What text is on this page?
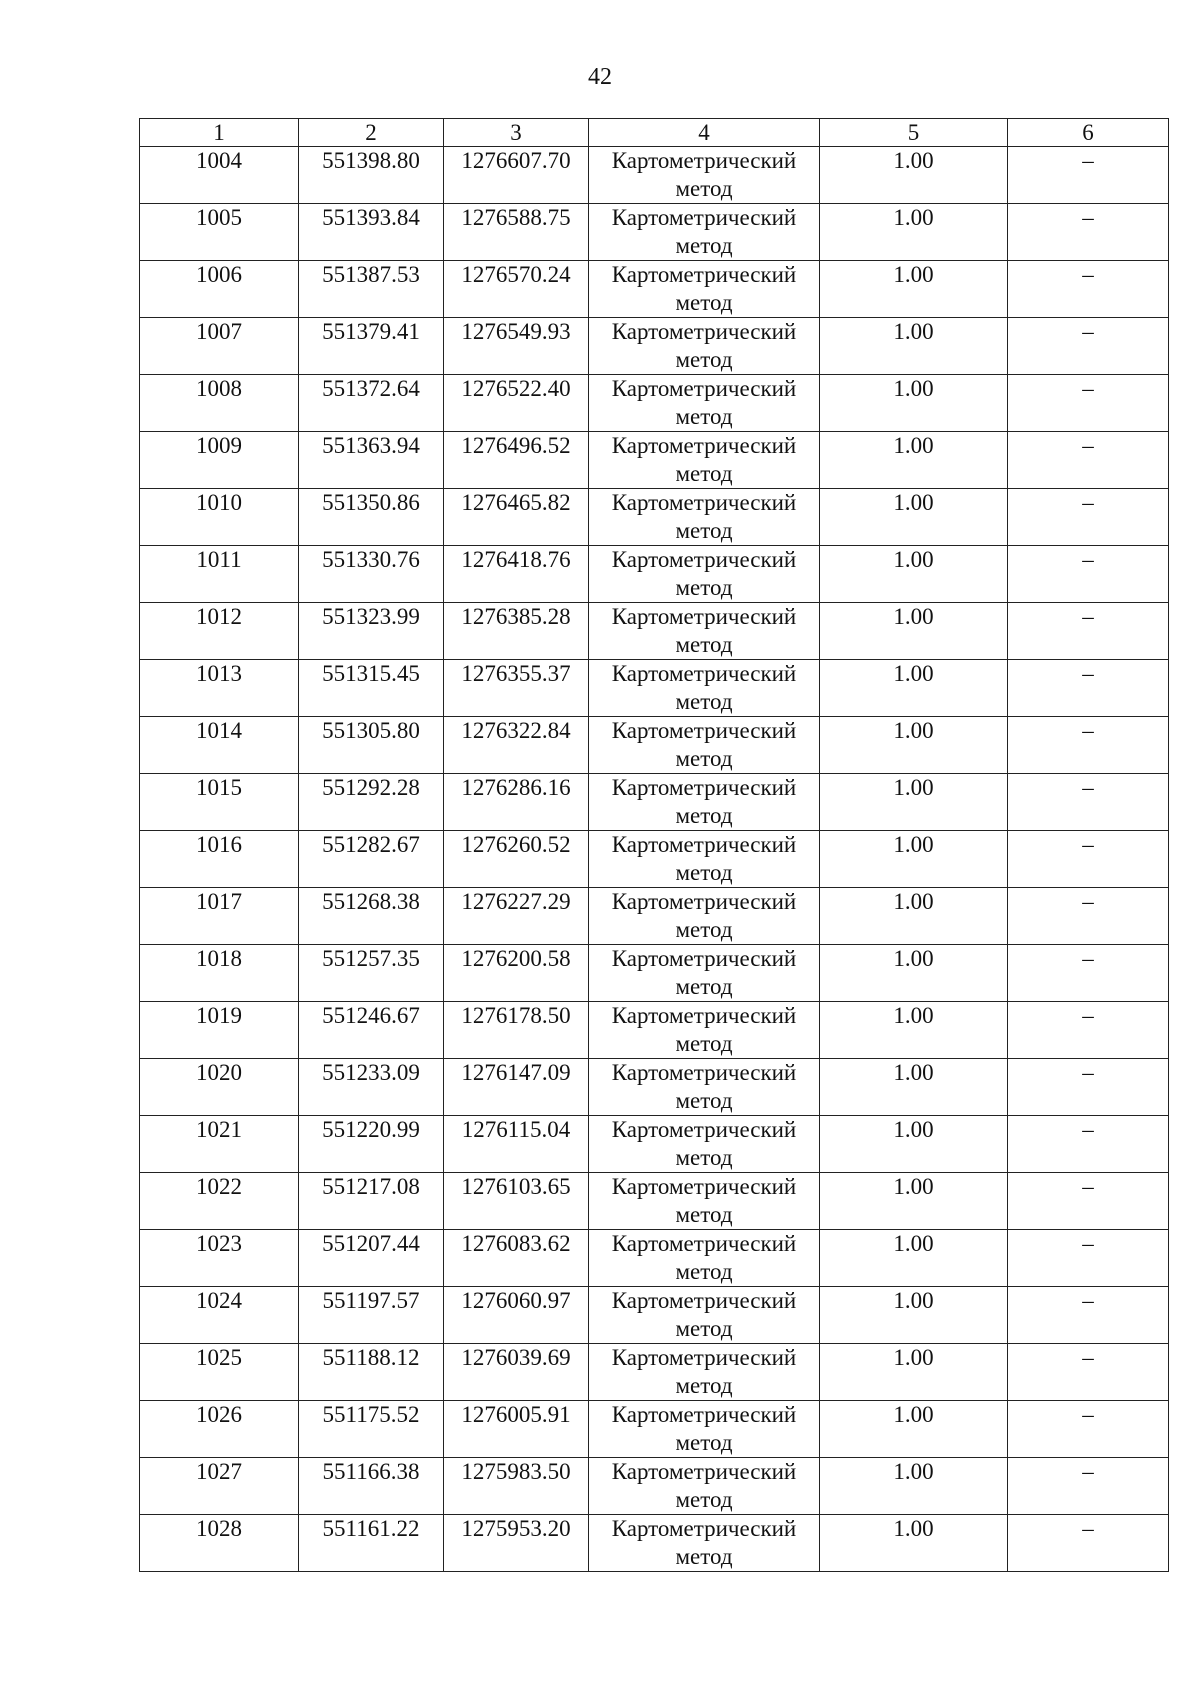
42
1	2	3	4	5	6
1004	551398.80	1276607.70	Картометрический
метод	1.00	–
1005	551393.84	1276588.75	Картометрический
метод	1.00	–
1006	551387.53	1276570.24	Картометрический
метод	1.00	–
1007	551379.41	1276549.93	Картометрический
метод	1.00	–
1008	551372.64	1276522.40	Картометрический
метод	1.00	–
1009	551363.94	1276496.52	Картометрический
метод	1.00	–
1010	551350.86	1276465.82	Картометрический
метод	1.00	–
1011	551330.76	1276418.76	Картометрический
метод	1.00	–
1012	551323.99	1276385.28	Картометрический
метод	1.00	–
1013	551315.45	1276355.37	Картометрический
метод	1.00	–
1014	551305.80	1276322.84	Картометрический
метод	1.00	–
1015	551292.28	1276286.16	Картометрический
метод	1.00	–
1016	551282.67	1276260.52	Картометрический
метод	1.00	–
1017	551268.38	1276227.29	Картометрический
метод	1.00	–
1018	551257.35	1276200.58	Картометрический
метод	1.00	–
1019	551246.67	1276178.50	Картометрический
метод	1.00	–
1020	551233.09	1276147.09	Картометрический
метод	1.00	–
1021	551220.99	1276115.04	Картометрический
метод	1.00	–
1022	551217.08	1276103.65	Картометрический
метод	1.00	–
1023	551207.44	1276083.62	Картометрический
метод	1.00	–
1024	551197.57	1276060.97	Картометрический
метод	1.00	–
1025	551188.12	1276039.69	Картометрический
метод	1.00	–
1026	551175.52	1276005.91	Картометрический
метод	1.00	–
1027	551166.38	1275983.50	Картометрический
метод	1.00	–
1028	551161.22	1275953.20	Картометрический
метод	1.00	–
